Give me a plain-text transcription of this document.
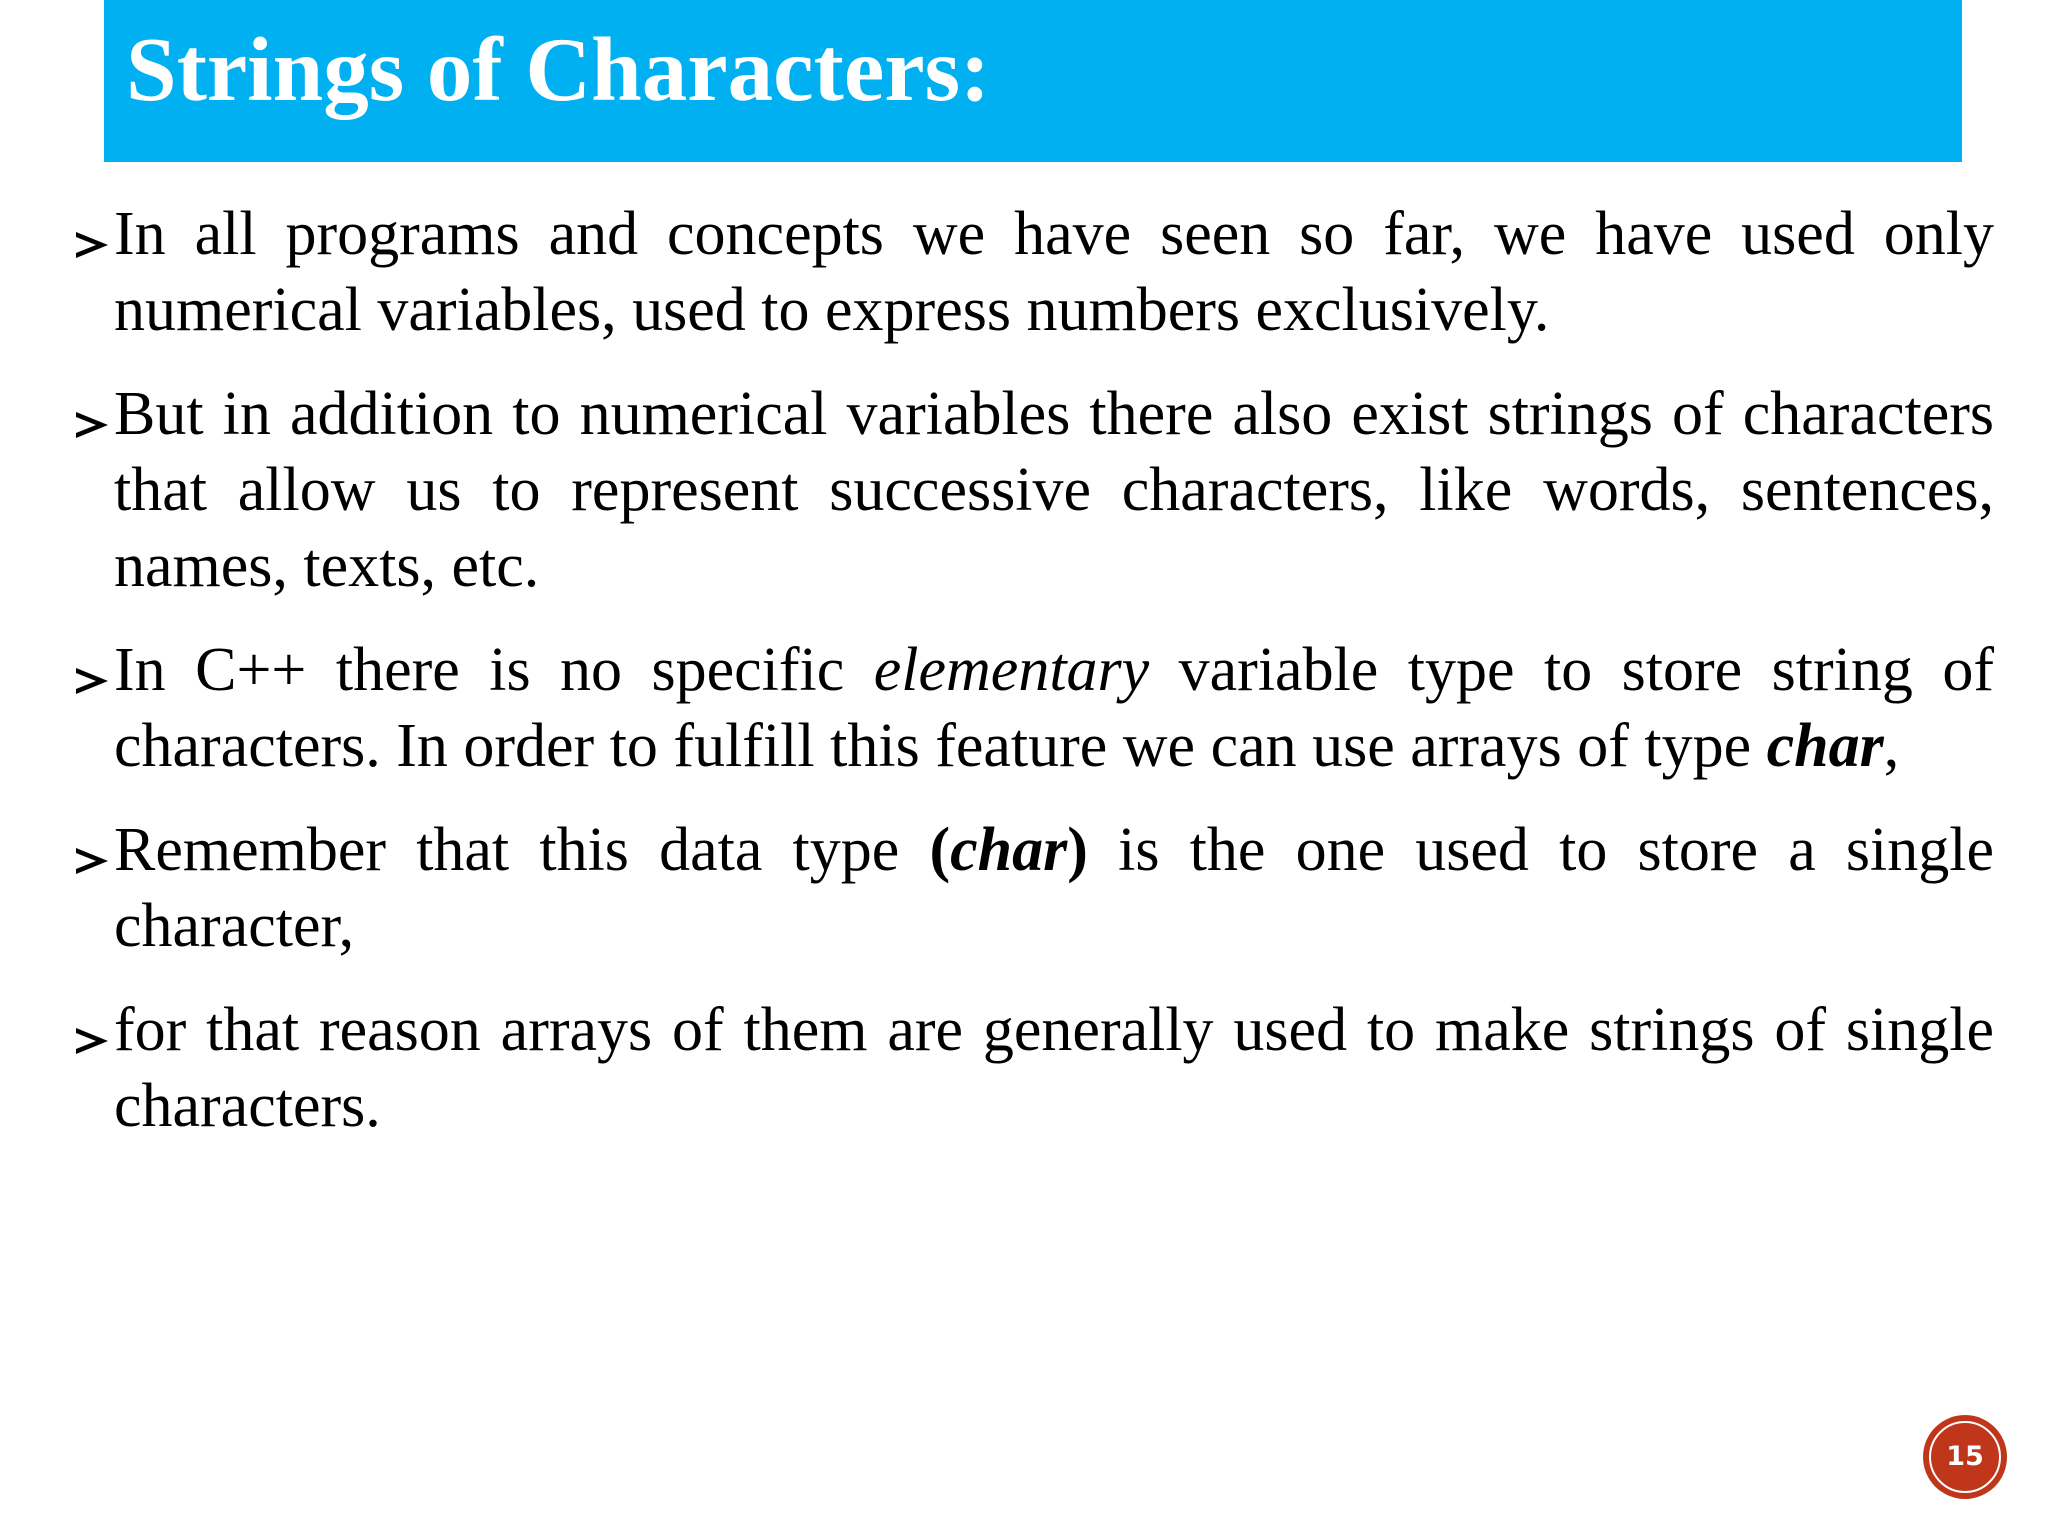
Strings of Characters:

In all programs and concepts we have seen so far, we have used only numerical variables, used to express numbers exclusively.

But in addition to numerical variables there also exist strings of characters that allow us to represent successive characters, like words, sentences, names, texts, etc.

In C++ there is no specific elementary variable type to store string of characters. In order to fulfill this feature we can use arrays of type char,

Remember that this data type (char) is the one used to store a single character,

for that reason arrays of them are generally used to make strings of single characters.

15
